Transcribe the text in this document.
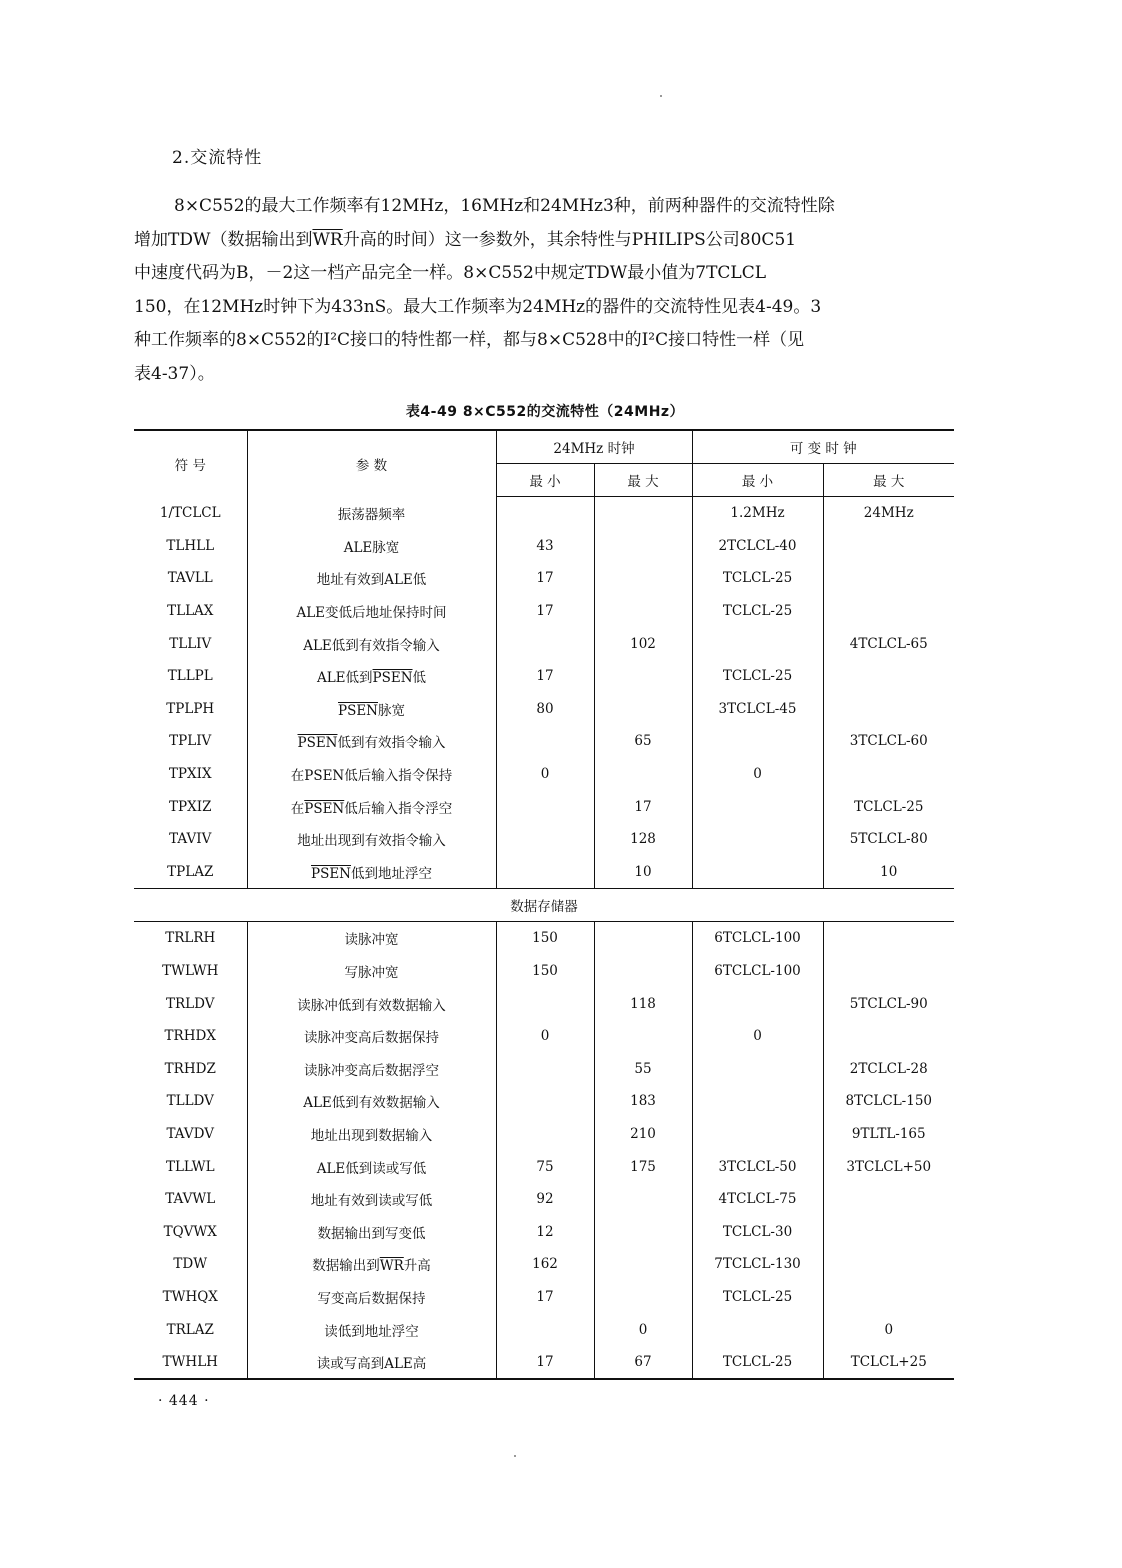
2.交流特性
8×C552的最大工作频率有12MHz，16MHz和24MHz3种，前两种器件的交流特性除
增加TDW（数据输出到$\overline{WR}$升高的时间）这一参数外，其余特性与PHILIPS公司80C51
中速度代码为B，－2这一档产品完全一样。8×C552中规定TDW最小值为7TCLCL
150，在12MHz时钟下为433nS。最大工作频率为24MHz的器件的交流特性见表4-49。3
种工作频率的8×C552的I²C接口的特性都一样，都与8×C528中的I²C接口特性一样（见
表4-37）。
表4-49 8×C552的交流特性（24MHz）
符 号	参 数	24MHz 时钟		可 变 时 钟	
		最 小	最 大	最 小	最 大
1/TCLCL	振荡器频率			1.2MHz	24MHz
TLHLL	ALE脉宽	43		2TCLCL-40	
TAVLL	地址有效到ALE低	17		TCLCL-25	
TLLAX	ALE变低后地址保持时间	17		TCLCL-25	
TLLIV	ALE低到有效指令输入		102		4TCLCL-65
TLLPL	ALE低到PSEN低	17		TCLCL-25	
TPLPH	PSEN脉宽	80		3TCLCL-45	
TPLIV	PSEN低到有效指令输入		65		3TCLCL-60
TPXIX	在PSEN低后输入指令保持	0		0	
TPXIZ	在PSEN低后输入指令浮空		17		TCLCL-25
TAVIV	地址出现到有效指令输入		128		5TCLCL-80
TPLAZ	PSEN低到地址浮空		10		10
数据存储器					
TRLRH	读脉冲宽	150		6TCLCL-100	
TWLWH	写脉冲宽	150		6TCLCL-100	
TRLDV	读脉冲低到有效数据输入		118		5TCLCL-90
TRHDX	读脉冲变高后数据保持	0		0	
TRHDZ	读脉冲变高后数据浮空		55		2TCLCL-28
TLLDV	ALE低到有效数据输入		183		8TCLCL-150
TAVDV	地址出现到数据输入		210		9TLTL-165
TLLWL	ALE低到读或写低	75	175	3TCLCL-50	3TCLCL+50
TAVWL	地址有效到读或写低	92		4TCLCL-75	
TQVWX	数据输出到写变低	12		TCLCL-30	
TDW	数据输出到$\overline{WR}$升高	162		7TCLCL-130	
TWHQX	写变高后数据保持	17		TCLCL-25	
TRLAZ	读低到地址浮空		0		0
TWHLH	读或写高到ALE高	17	67	TCLCL-25	TCLCL+25
· 444 ·
